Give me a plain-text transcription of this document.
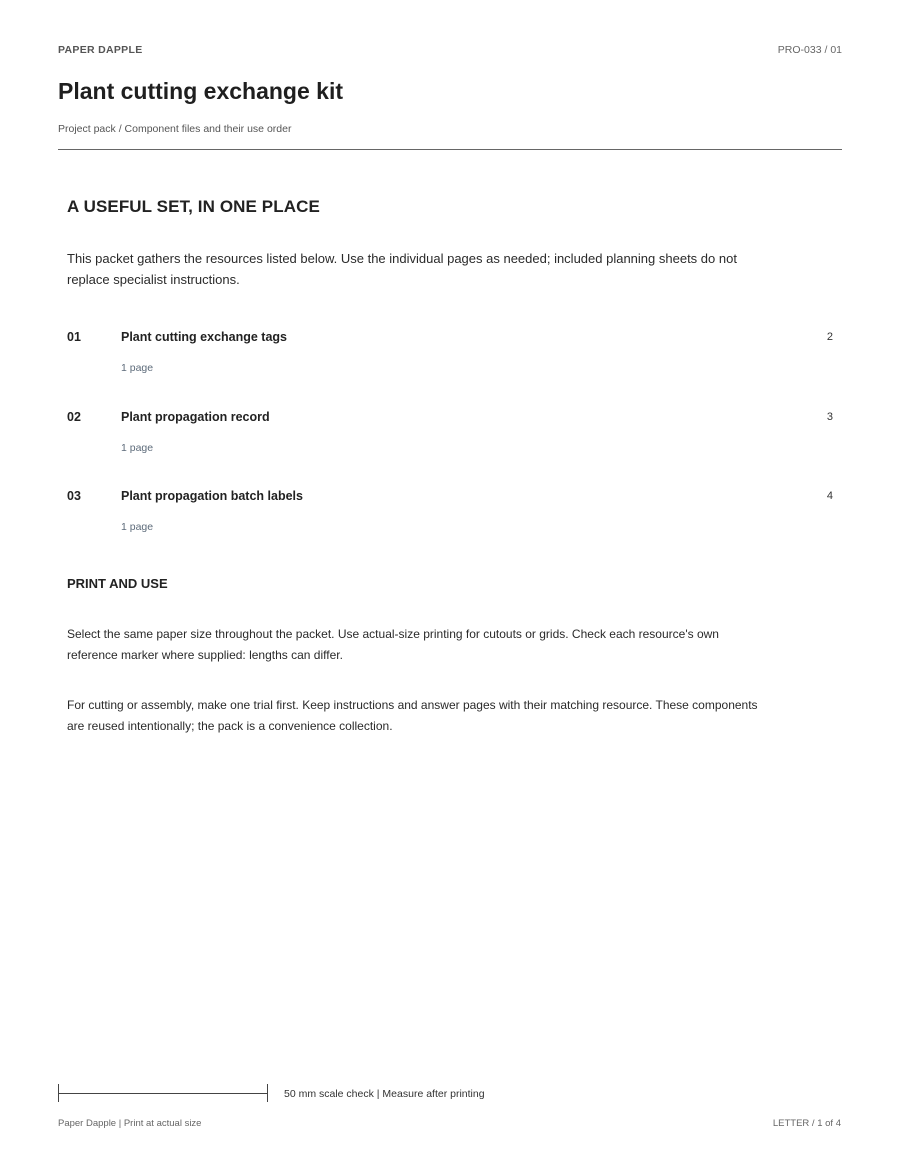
PAPER DAPPLE	PRO-033 / 01
Plant cutting exchange kit
Project pack / Component files and their use order
A USEFUL SET, IN ONE PLACE
This packet gathers the resources listed below. Use the individual pages as needed; included planning sheets do not replace specialist instructions.
01	Plant cutting exchange tags	2
1 page
02	Plant propagation record	3
1 page
03	Plant propagation batch labels	4
1 page
PRINT AND USE
Select the same paper size throughout the packet. Use actual-size printing for cutouts or grids. Check each resource's own reference marker where supplied: lengths can differ.
For cutting or assembly, make one trial first. Keep instructions and answer pages with their matching resource. These components are reused intentionally; the pack is a convenience collection.
50 mm scale check | Measure after printing
Paper Dapple | Print at actual size	LETTER / 1 of 4
